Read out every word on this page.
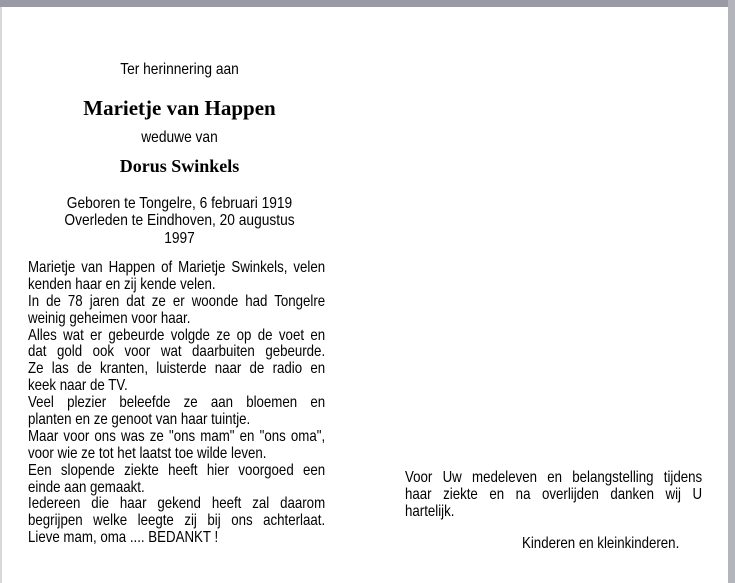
Ter herinnering aan
Marietje van Happen
weduwe van
Dorus Swinkels
Geboren te Tongelre, 6 februari 1919
Overleden te Eindhoven, 20 augustus 1997
Marietje van Happen of Marietje Swinkels, velen
kenden haar en zij kende velen.
In de 78 jaren dat ze er woonde had Tongelre
weinig geheimen voor haar.
Alles wat er gebeurde volgde ze op de voet en
dat gold ook voor wat daarbuiten gebeurde.
Ze las de kranten, luisterde naar de radio en
keek naar de TV.
Veel plezier beleefde ze aan bloemen en
planten en ze genoot van haar tuintje.
Maar voor ons was ze "ons mam" en "ons oma",
voor wie ze tot het laatst toe wilde leven.
Een slopende ziekte heeft hier voorgoed een
einde aan gemaakt.
Iedereen die haar gekend heeft zal daarom
begrijpen welke leegte zij bij ons achterlaat.
Lieve mam, oma .... BEDANKT !
Voor Uw medeleven en belangstelling tijdens
haar ziekte en na overlijden danken wij U
hartelijk.
Kinderen en kleinkinderen.
